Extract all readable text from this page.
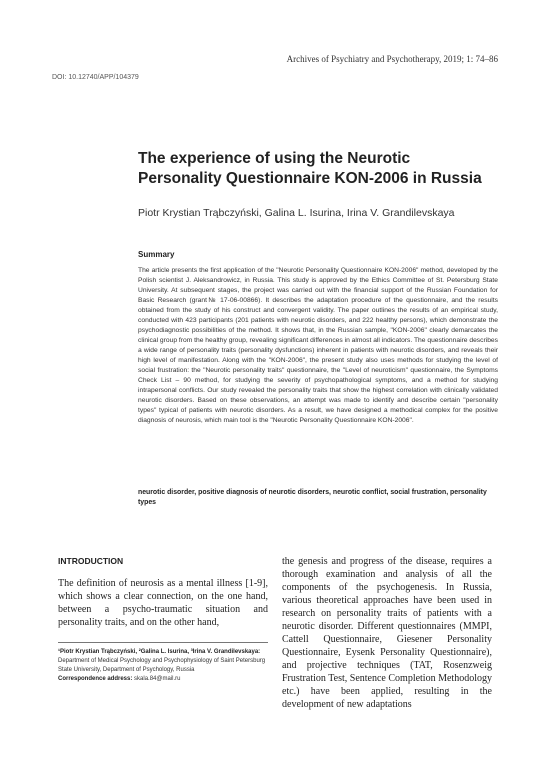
Archives of Psychiatry and Psychotherapy, 2019; 1: 74–86
DOI: 10.12740/APP/104379
The experience of using the Neurotic Personality Questionnaire KON-2006 in Russia
Piotr Krystian Trąbczyński, Galina L. Isurina, Irina V. Grandilevskaya
Summary

The article presents the first application of the "Neurotic Personality Questionnaire KON-2006" method, developed by the Polish scientist J. Aleksandrowicz, in Russia. This study is approved by the Ethics Committee of St. Petersburg State University. At subsequent stages, the project was carried out with the financial support of the Russian Foundation for Basic Research (grant№ 17-06-00866). It describes the adaptation procedure of the questionnaire, and the results obtained from the study of his construct and convergent validity. The paper outlines the results of an empirical study, conducted with 423 participants (201 patients with neurotic disorders, and 222 healthy persons), which demonstrate the psychodiagnostic possibilities of the method. It shows that, in the Russian sample, "KON-2006" clearly demarcates the clinical group from the healthy group, revealing significant differences in almost all indicators. The questionnaire describes a wide range of personality traits (personality dysfunctions) inherent in patients with neurotic disorders, and reveals their high level of manifestation. Along with the "KON-2006", the present study also uses methods for studying the level of social frustration: the "Neurotic personality traits" questionnaire, the "Level of neuroticism" questionnaire, the Symptoms Check List – 90 method, for studying the severity of psychopathological symptoms, and a method for studying intrapersonal conflicts. Our study revealed the personality traits that show the highest correlation with clinically validated neurotic disorders. Based on these observations, an attempt was made to identify and describe certain "personality types" typical of patients with neurotic disorders. As a result, we have designed a methodical complex for the positive diagnosis of neurosis, which main tool is the "Neurotic Personality Questionnaire KON-2006".

neurotic disorder, positive diagnosis of neurotic disorders, neurotic conflict, social frustration, personality types

INTRODUCTION

The definition of neurosis as a mental illness [1-9], which shows a clear connection, on the one hand, between a psycho-traumatic situation and personality traits, and on the other hand,

¹Piotr Krystian Trąbczyński, ²Galina L. Isurina, ³Irina V. Grandilevskaya: Department of Medical Psychology and Psychophysiology of Saint Petersburg State University, Department of Psychology, Russia
Correspondence address: skala.84@mail.ru

the genesis and progress of the disease, requires a thorough examination and analysis of all the components of the psychogenesis. In Russia, various theoretical approaches have been used in research on personality traits of patients with a neurotic disorder. Different questionnaires (MMPI, Cattell Questionnaire, Giesener Personality Questionnaire, Eysenk Personality Questionnaire), and projective techniques (TAT, Rosenzweig Frustration Test, Sentence Completion Methodology etc.) have been applied, resulting in the development of new adaptations
